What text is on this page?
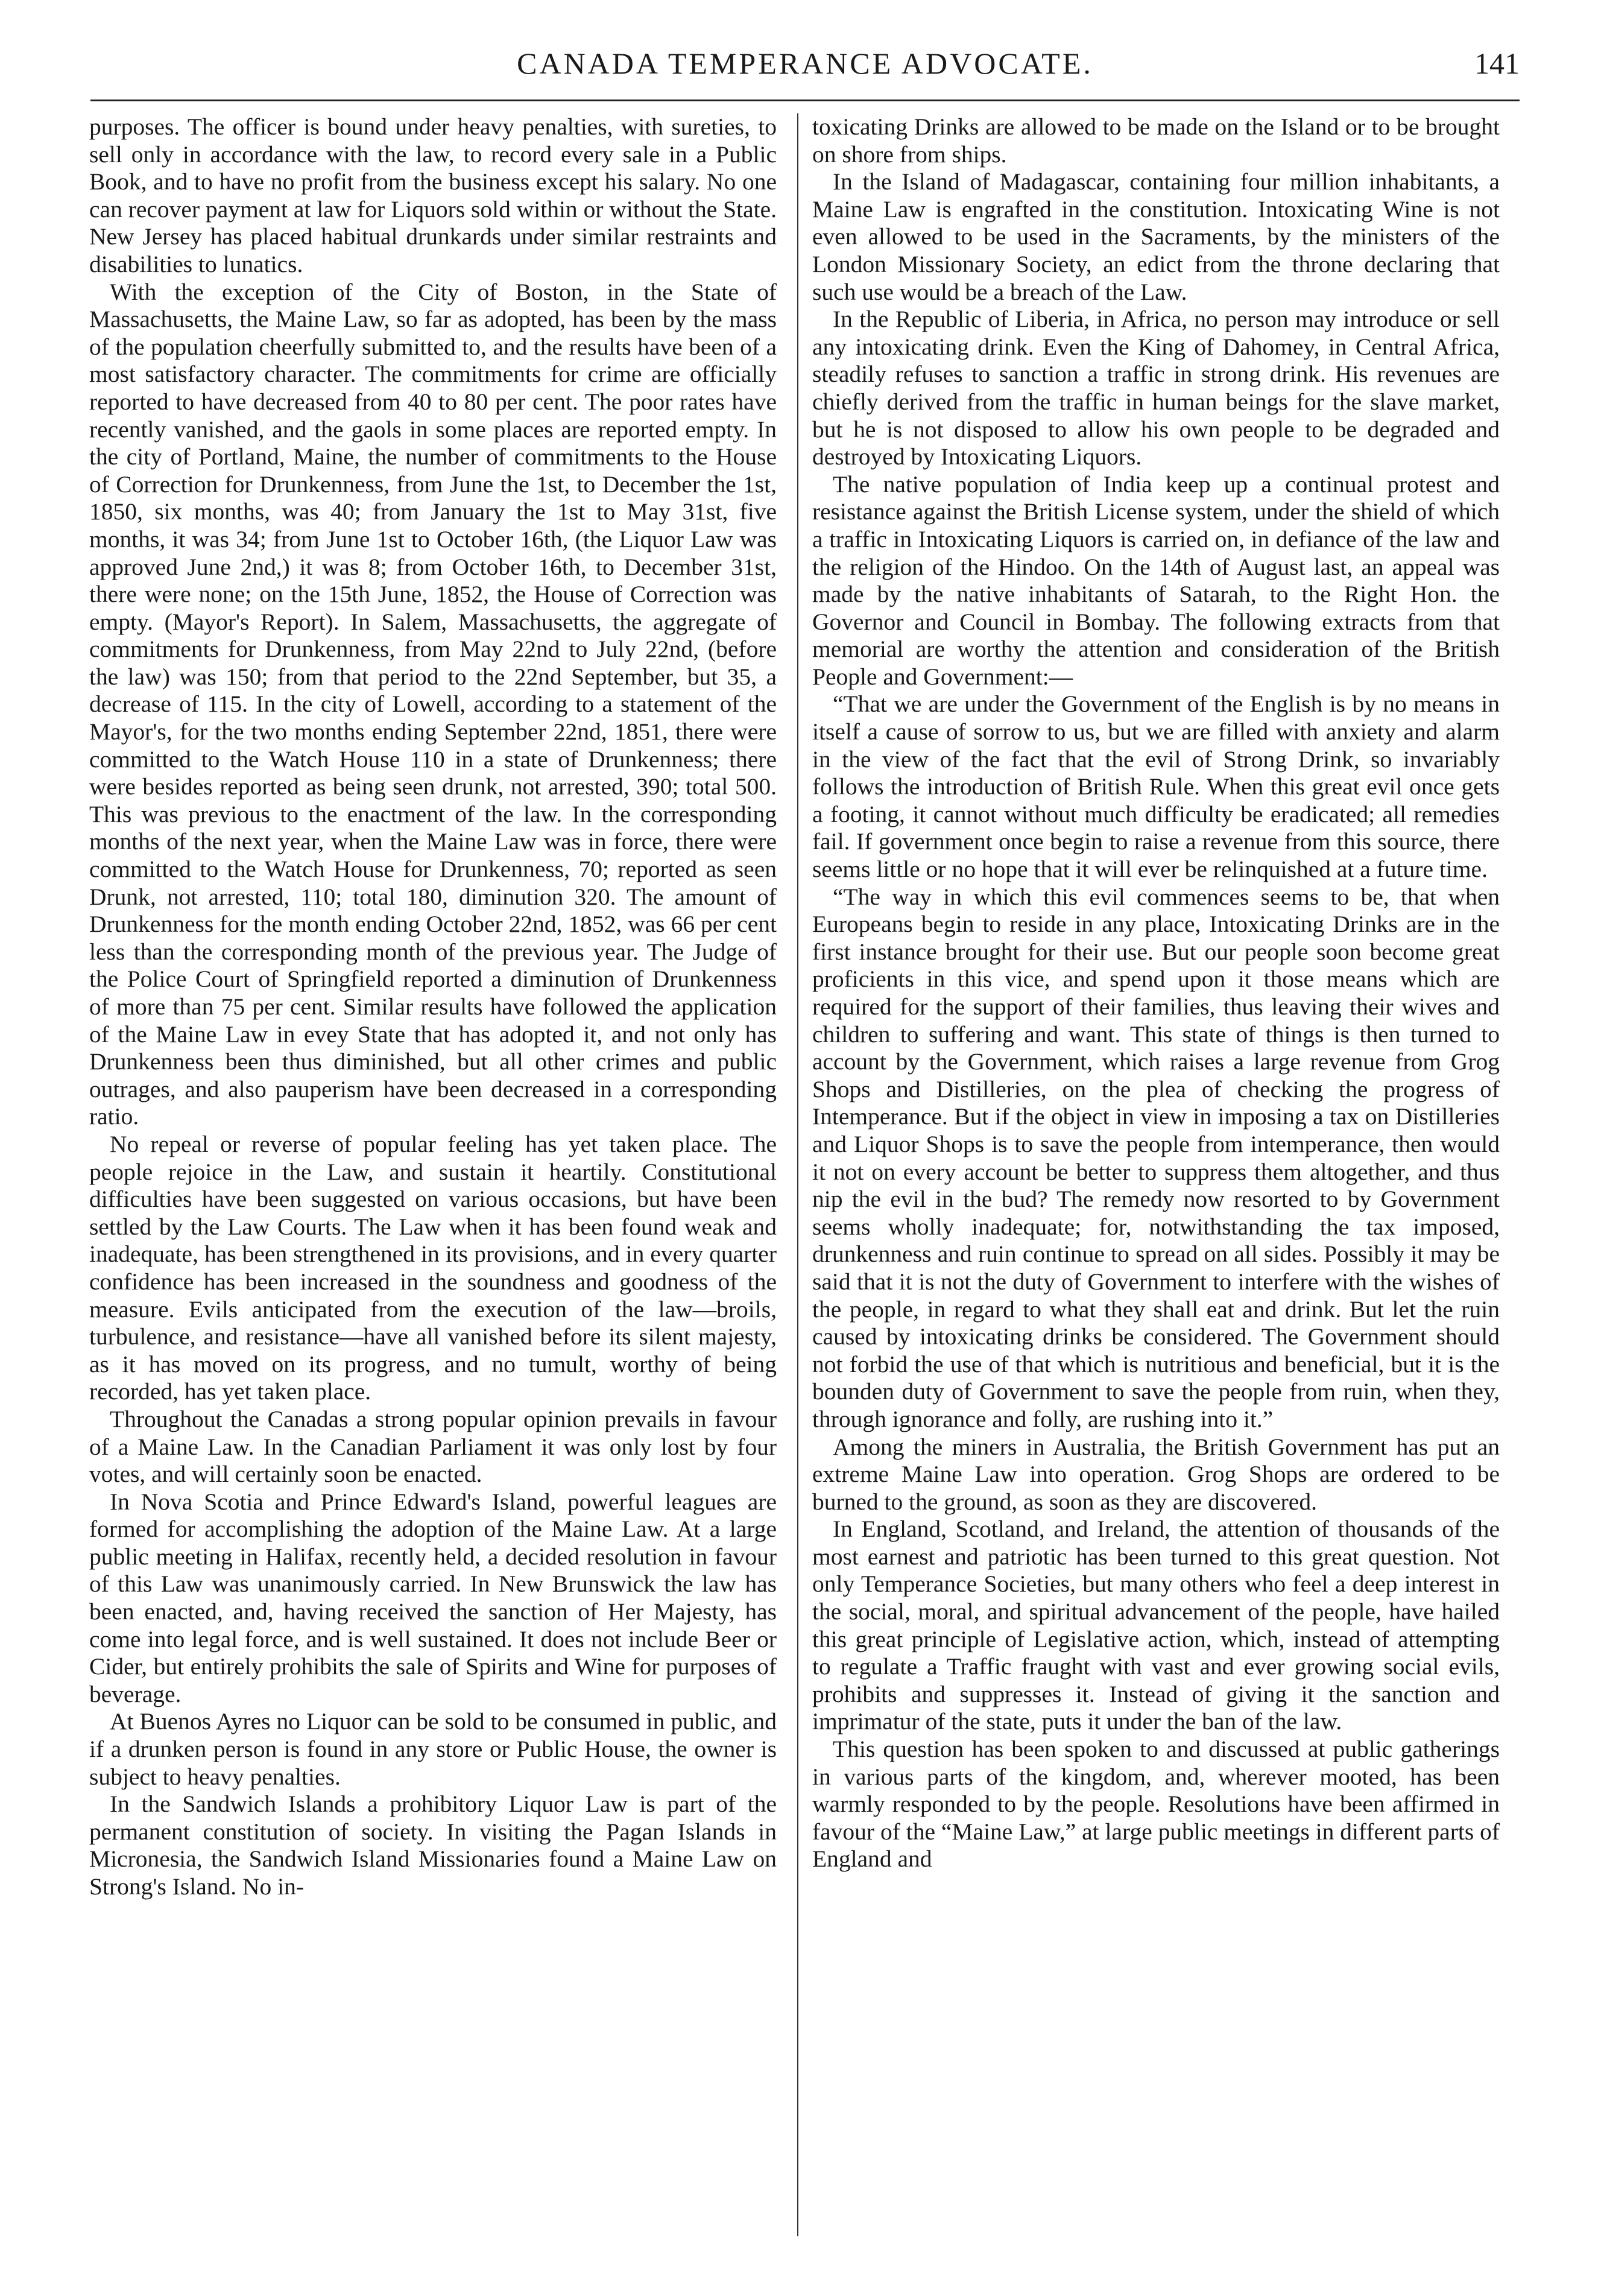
CANADA TEMPERANCE ADVOCATE.	141

purposes. The officer is bound under heavy penalties, with sureties, to sell only in accordance with the law, to record every sale in a Public Book, and to have no profit from the business except his salary. No one can recover payment at law for Liquors sold within or without the State. New Jersey has placed habitual drunkards under similar restraints and disabilities to lunatics.

With the exception of the City of Boston, in the State of Massachusetts, the Maine Law, so far as adopted, has been by the mass of the population cheerfully submitted to, and the results have been of a most satisfactory character. The commitments for crime are officially reported to have decreased from 40 to 80 per cent. The poor rates have recently vanished, and the gaols in some places are reported empty. In the city of Portland, Maine, the number of commitments to the House of Correction for Drunkenness, from June the 1st, to December the 1st, 1850, six months, was 40; from January the 1st to May 31st, five months, it was 34; from June 1st to October 16th, (the Liquor Law was approved June 2nd,) it was 8; from October 16th, to December 31st, there were none; on the 15th June, 1852, the House of Correction was empty. (Mayor's Report). In Salem, Massachusetts, the aggregate of commitments for Drunkenness, from May 22nd to July 22nd, (before the law) was 150; from that period to the 22nd September, but 35, a decrease of 115. In the city of Lowell, according to a statement of the Mayor's, for the two months ending September 22nd, 1851, there were committed to the Watch House 110 in a state of Drunkenness; there were besides reported as being seen drunk, not arrested, 390; total 500. This was previous to the enactment of the law. In the corresponding months of the next year, when the Maine Law was in force, there were committed to the Watch House for Drunkenness, 70; reported as seen Drunk, not arrested, 110; total 180, diminution 320. The amount of Drunkenness for the month ending October 22nd, 1852, was 66 per cent less than the corresponding month of the previous year. The Judge of the Police Court of Springfield reported a diminution of Drunkenness of more than 75 per cent. Similar results have followed the application of the Maine Law in evey State that has adopted it, and not only has Drunkenness been thus diminished, but all other crimes and public outrages, and also pauperism have been decreased in a corresponding ratio.

No repeal or reverse of popular feeling has yet taken place. The people rejoice in the Law, and sustain it heartily. Constitutional difficulties have been suggested on various occasions, but have been settled by the Law Courts. The Law when it has been found weak and inadequate, has been strengthened in its provisions, and in every quarter confidence has been increased in the soundness and goodness of the measure. Evils anticipated from the execution of the law—broils, turbulence, and resistance—have all vanished before its silent majesty, as it has moved on its progress, and no tumult, worthy of being recorded, has yet taken place.

Throughout the Canadas a strong popular opinion prevails in favour of a Maine Law. In the Canadian Parliament it was only lost by four votes, and will certainly soon be enacted.

In Nova Scotia and Prince Edward's Island, powerful leagues are formed for accomplishing the adoption of the Maine Law. At a large public meeting in Halifax, recently held, a decided resolution in favour of this Law was unanimously carried. In New Brunswick the law has been enacted, and, having received the sanction of Her Majesty, has come into legal force, and is well sustained. It does not include Beer or Cider, but entirely prohibits the sale of Spirits and Wine for purposes of beverage.

At Buenos Ayres no Liquor can be sold to be consumed in public, and if a drunken person is found in any store or Public House, the owner is subject to heavy penalties.

In the Sandwich Islands a prohibitory Liquor Law is part of the permanent constitution of society. In visiting the Pagan Islands in Micronesia, the Sandwich Island Missionaries found a Maine Law on Strong's Island. No in-

toxicating Drinks are allowed to be made on the Island or to be brought on shore from ships.

In the Island of Madagascar, containing four million inhabitants, a Maine Law is engrafted in the constitution. Intoxicating Wine is not even allowed to be used in the Sacraments, by the ministers of the London Missionary Society, an edict from the throne declaring that such use would be a breach of the Law.

In the Republic of Liberia, in Africa, no person may introduce or sell any intoxicating drink. Even the King of Dahomey, in Central Africa, steadily refuses to sanction a traffic in strong drink. His revenues are chiefly derived from the traffic in human beings for the slave market, but he is not disposed to allow his own people to be degraded and destroyed by Intoxicating Liquors.

The native population of India keep up a continual protest and resistance against the British License system, under the shield of which a traffic in Intoxicating Liquors is carried on, in defiance of the law and the religion of the Hindoo. On the 14th of August last, an appeal was made by the native inhabitants of Satarah, to the Right Hon. the Governor and Council in Bombay. The following extracts from that memorial are worthy the attention and consideration of the British People and Government:—

“That we are under the Government of the English is by no means in itself a cause of sorrow to us, but we are filled with anxiety and alarm in the view of the fact that the evil of Strong Drink, so invariably follows the introduction of British Rule. When this great evil once gets a footing, it cannot without much difficulty be eradicated; all remedies fail. If government once begin to raise a revenue from this source, there seems little or no hope that it will ever be relinquished at a future time.

“The way in which this evil commences seems to be, that when Europeans begin to reside in any place, Intoxicating Drinks are in the first instance brought for their use. But our people soon become great proficients in this vice, and spend upon it those means which are required for the support of their families, thus leaving their wives and children to suffering and want. This state of things is then turned to account by the Government, which raises a large revenue from Grog Shops and Distilleries, on the plea of checking the progress of Intemperance. But if the object in view in imposing a tax on Distilleries and Liquor Shops is to save the people from intemperance, then would it not on every account be better to suppress them altogether, and thus nip the evil in the bud? The remedy now resorted to by Government seems wholly inadequate; for, notwithstanding the tax imposed, drunkenness and ruin continue to spread on all sides. Possibly it may be said that it is not the duty of Government to interfere with the wishes of the people, in regard to what they shall eat and drink. But let the ruin caused by intoxicating drinks be considered. The Government should not forbid the use of that which is nutritious and beneficial, but it is the bounden duty of Government to save the people from ruin, when they, through ignorance and folly, are rushing into it.”

Among the miners in Australia, the British Government has put an extreme Maine Law into operation. Grog Shops are ordered to be burned to the ground, as soon as they are discovered.

In England, Scotland, and Ireland, the attention of thousands of the most earnest and patriotic has been turned to this great question. Not only Temperance Societies, but many others who feel a deep interest in the social, moral, and spiritual advancement of the people, have hailed this great principle of Legislative action, which, instead of attempting to regulate a Traffic fraught with vast and ever growing social evils, prohibits and suppresses it. Instead of giving it the sanction and imprimatur of the state, puts it under the ban of the law.

This question has been spoken to and discussed at public gatherings in various parts of the kingdom, and, wherever mooted, has been warmly responded to by the people. Resolutions have been affirmed in favour of the “Maine Law,” at large public meetings in different parts of England and
